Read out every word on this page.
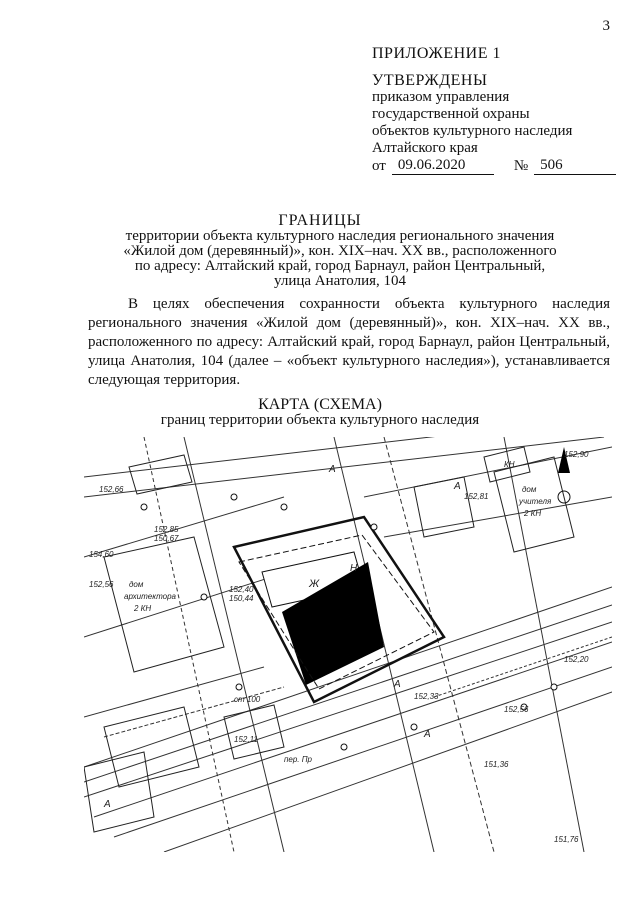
3
ПРИЛОЖЕНИЕ 1
УТВЕРЖДЕНЫ
приказом управления
государственной охраны
объектов культурного наследия
Алтайского края
от 09.06.2020	№ 506
ГРАНИЦЫ
территории объекта культурного наследия регионального значения
«Жилой дом (деревянный)», кон. XIX–нач. XX вв., расположенного
по адресу: Алтайский край, город Барнаул, район Центральный,
улица Анатолия, 104
В целях обеспечения сохранности объекта культурного наследия регионального значения «Жилой дом (деревянный)», кон. XIX–нач. XX вв., расположенного по адресу: Алтайский край, город Барнаул, район Центральный, улица Анатолия, 104 (далее – «объект культурного наследия»), устанавливается следующая территория.
КАРТА (СХЕМА)
границ территории объекта культурного наследия
дом
архитектора
2 КН
дом
учителя
2 КН
Ж
Н
А
А
А
А
А
КН
ст 100
пер. Пр
152,66
152,85
150,67
152,56
152,40
150,44
152,90
152,81
152,20
151,76
152,33
152,56
152,11
154,60
151,36
